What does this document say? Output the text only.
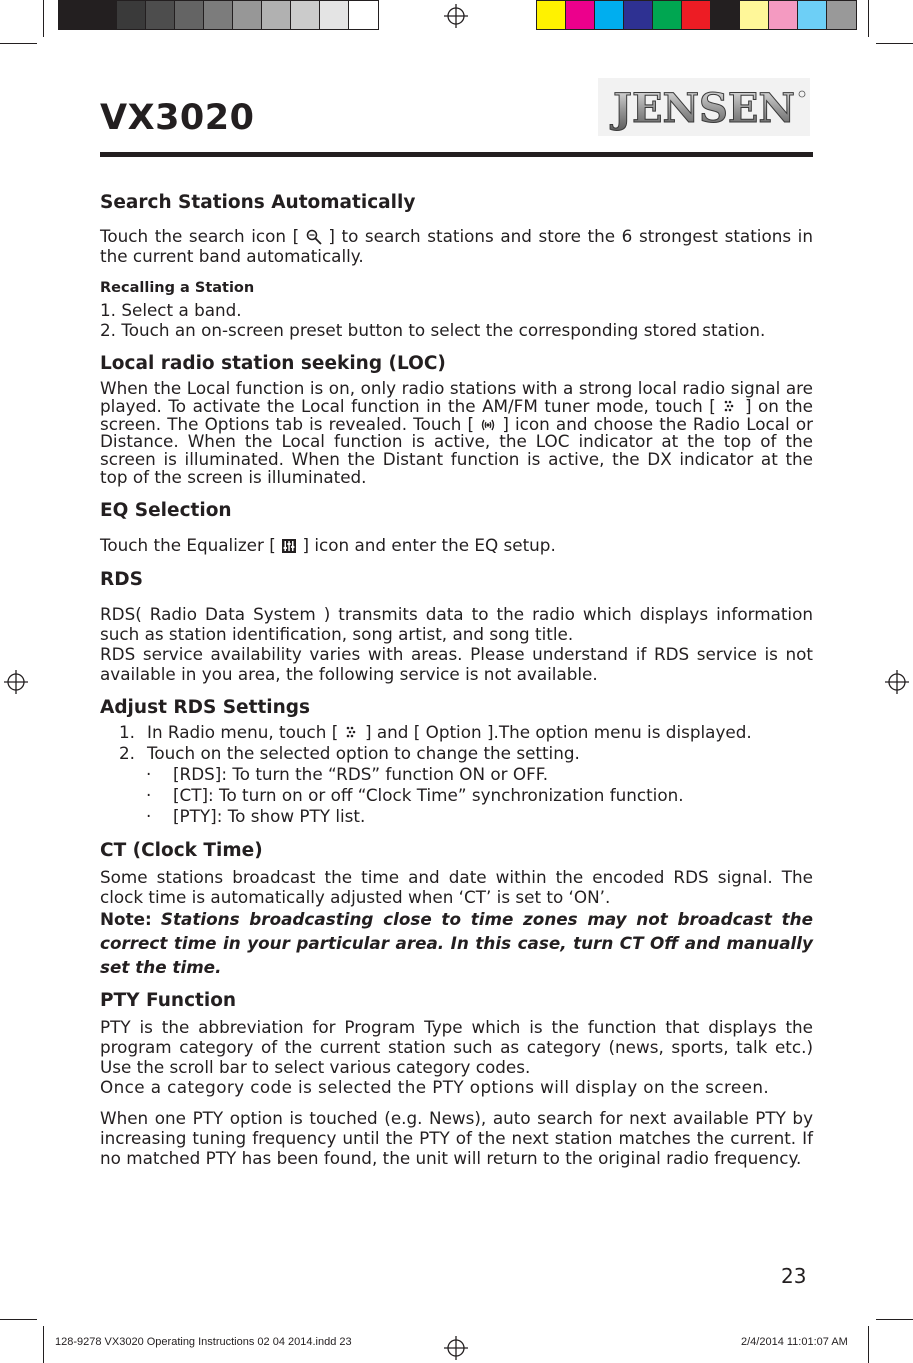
VX3020	JENSEN
Search Stations Automatically

Touch the search icon [ ] to search stations and store the 6 strongest stations in the current band automatically.

Recalling a Station

1. Select a band.

2. Touch an on-screen preset button to select the corresponding stored station.

Local radio station seeking (LOC)

When the Local function is on, only radio stations with a strong local radio signal are played. To activate the Local function in the AM/FM tuner mode, touch [ ] on the screen. The Options tab is revealed. Touch [ ] icon and choose the Radio Local or Distance. When the Local function is active, the LOC indicator at the top of the screen is illuminated. When the Distant function is active, the DX indicator at the top of the screen is illuminated.

EQ Selection

Touch the Equalizer [ ] icon and enter the EQ setup.

RDS

RDS( Radio Data System ) transmits data to the radio which displays information such as station identification, song artist, and song title.

RDS service availability varies with areas. Please understand if RDS service is not available in you area, the following service is not available.

Adjust RDS Settings
1. In Radio menu, touch [ ] and [ Option ].The option menu is displayed.
2. Touch on the selected option to change the setting.
· [RDS]: To turn the “RDS” function ON or OFF.
· [CT]: To turn on or off “Clock Time” synchronization function.
· [PTY]: To show PTY list.
CT (Clock Time)

Some stations broadcast the time and date within the encoded RDS signal. The clock time is automatically adjusted when ‘CT’ is set to ‘ON’.

Note: Stations broadcasting close to time zones may not broadcast the correct time in your particular area. In this case, turn CT Off and manually set the time.

PTY Function

PTY is the abbreviation for Program Type which is the function that displays the program category of the current station such as category (news, sports, talk etc.) Use the scroll bar to select various category codes.

Once a category code is selected the PTY options will display on the screen.

When one PTY option is touched (e.g. News), auto search for next available PTY by increasing tuning frequency until the PTY of the next station matches the current. If no matched PTY has been found, the unit will return to the original radio frequency.

23
128-9278 VX3020 Operating Instructions 02 04 2014.indd 23	2/4/2014 11:01:07 AM
